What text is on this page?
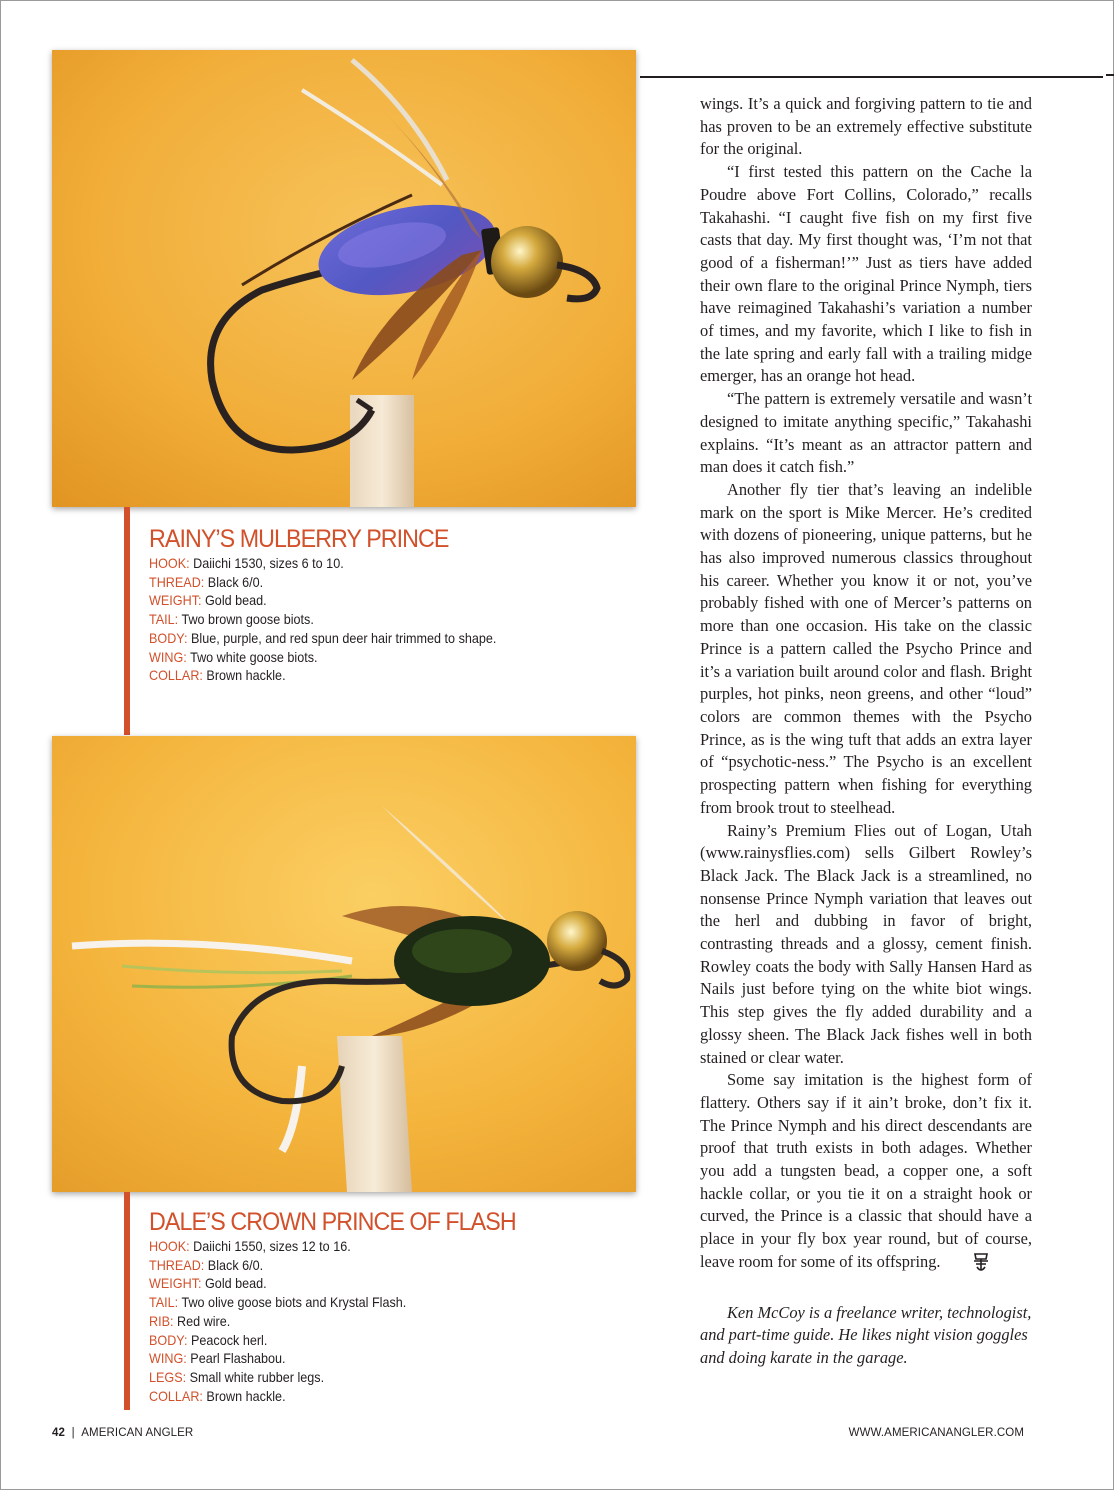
RAINY’S MULBERRY PRINCE
HOOK: Daiichi 1530, sizes 6 to 10.
THREAD: Black 6/0.
WEIGHT: Gold bead.
TAIL: Two brown goose biots.
BODY: Blue, purple, and red spun deer hair trimmed to shape.
WING: Two white goose biots.
COLLAR: Brown hackle.
DALE’S CROWN PRINCE OF FLASH
HOOK: Daiichi 1550, sizes 12 to 16.
THREAD: Black 6/0.
WEIGHT: Gold bead.
TAIL: Two olive goose biots and Krystal Flash.
RIB: Red wire.
BODY: Peacock herl.
WING: Pearl Flashabou.
LEGS: Small white rubber legs.
COLLAR: Brown hackle.

wings. It’s a quick and forgiving pattern to tie and has proven to be an extremely effective substitute for the original.

“I first tested this pattern on the Cache la Poudre above Fort Collins, Colorado,” recalls Takahashi. “I caught five fish on my first five casts that day. My first thought was, ‘I’m not that good of a fisherman!’” Just as tiers have added their own flare to the original Prince Nymph, tiers have reimagined Takahashi’s variation a number of times, and my favorite, which I like to fish in the late spring and early fall with a trailing midge emerger, has an orange hot head.

“The pattern is extremely versatile and wasn’t designed to imitate anything specific,” Takahashi explains. “It’s meant as an attractor pattern and man does it catch fish.”

Another fly tier that’s leaving an indelible mark on the sport is Mike Mercer. He’s credited with dozens of pioneering, unique patterns, but he has also improved numerous classics throughout his career. Whether you know it or not, you’ve probably fished with one of Mercer’s patterns on more than one occasion. His take on the classic Prince is a pattern called the Psycho Prince and it’s a variation built around color and flash. Bright purples, hot pinks, neon greens, and other “loud” colors are common themes with the Psycho Prince, as is the wing tuft that adds an extra layer of “psychotic-ness.” The Psycho is an excellent prospecting pattern when fishing for everything from brook trout to steelhead.

Rainy’s Premium Flies out of Logan, Utah (www.rainysflies.com) sells Gilbert Rowley’s Black Jack. The Black Jack is a streamlined, no nonsense Prince Nymph variation that leaves out the herl and dubbing in favor of bright, contrasting threads and a glossy, cement finish. Rowley coats the body with Sally Hansen Hard as Nails just before tying on the white biot wings. This step gives the fly added durability and a glossy sheen. The Black Jack fishes well in both stained or clear water.

Some say imitation is the highest form of flattery. Others say if it ain’t broke, don’t fix it. The Prince Nymph and his direct descendants are proof that truth exists in both adages. Whether you add a tungsten bead, a copper one, a soft hackle collar, or you tie it on a straight hook or curved, the Prince is a classic that should have a place in your fly box year round, but of course, leave room for some of its offspring.

Ken McCoy is a freelance writer, technologist, and part-time guide. He likes night vision goggles and doing karate in the garage.

42 | AMERICAN ANGLER	WWW.AMERICANANGLER.COM
